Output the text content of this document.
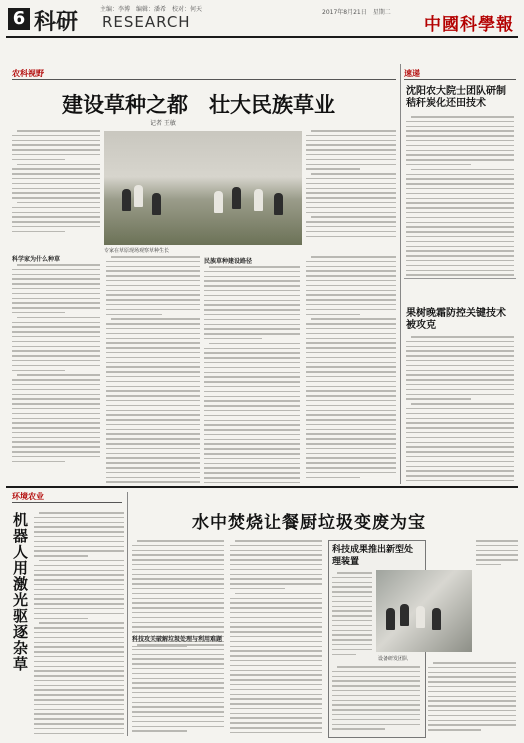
6 科研 RESEARCH
主编：李博　编辑：潘希　校对：何天	2017年8月21日　星期二
中國科學報
农科视野
建设草种之都　壮大民族草业
记者 王敏
专家在草原现场观察草种生长
科学家为什么种草	民族草种建设路径
速递
沈阳农大院士团队研制秸秆炭化还田技术
果树晚霜防控关键技术被攻克
环境农业
机器人用激光驱逐杂草	水中焚烧让餐厨垃圾变废为宝
科技攻关破解垃圾处理与利用难题
科技成果推出新型处理装置
设备研发团队
